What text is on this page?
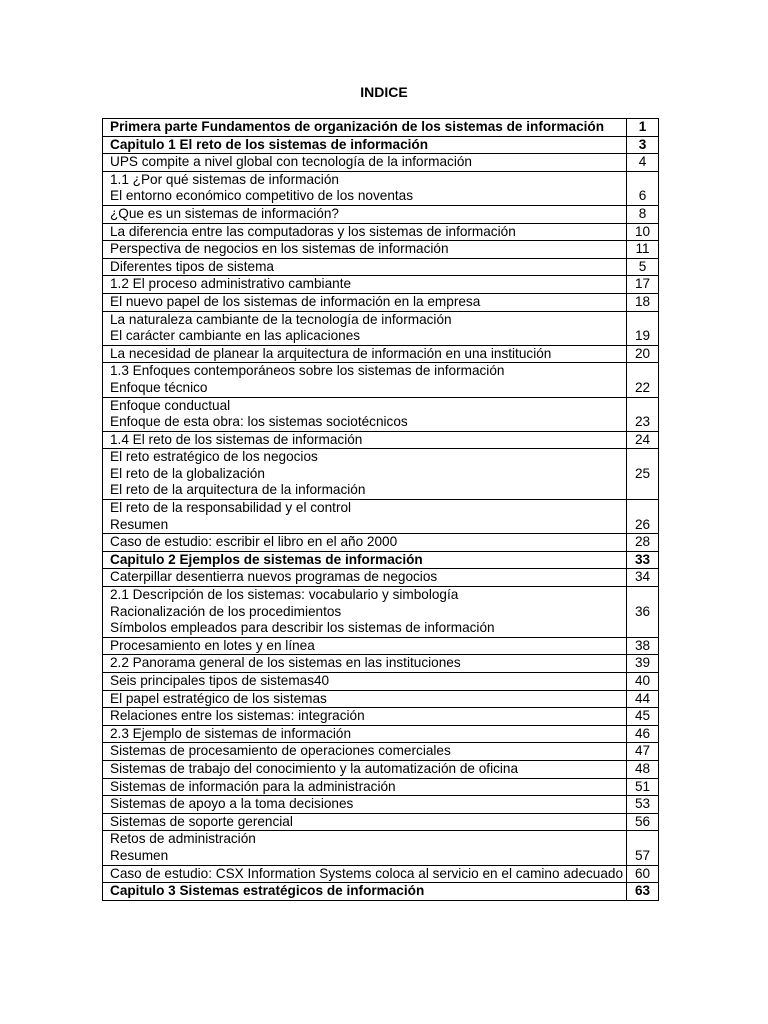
INDICE
Primera parte Fundamentos de organización de los sistemas de información	1

Capitulo 1 El reto de los sistemas de información	3

UPS compite a nivel global con tecnología de la información	4

1.1 ¿Por qué sistemas de información
El entorno económico competitivo de los noventas	6

¿Que es un sistemas de información?	8

La diferencia entre las computadoras y los sistemas de información	10

Perspectiva de negocios en los sistemas de información	11

Diferentes tipos de sistema	5

1.2 El proceso administrativo cambiante	17

El nuevo papel de los sistemas de información en la empresa	18

La naturaleza cambiante de la tecnología de información
El carácter cambiante en las aplicaciones	19

La necesidad de planear la arquitectura de información en una institución	20

1.3 Enfoques contemporáneos sobre los sistemas de información
Enfoque técnico	22

Enfoque conductual
Enfoque de esta obra: los sistemas sociotécnicos	23

1.4 El reto de los sistemas de información	24

El reto estratégico de los negocios
El reto de la globalización
El reto de la arquitectura de la información	25

El reto de la responsabilidad y el control
Resumen	26

Caso de estudio: escribir el libro en el año 2000	28

Capitulo 2 Ejemplos de sistemas de información	33

Caterpillar desentierra nuevos programas de negocios	34

2.1 Descripción de los sistemas: vocabulario y simbología
Racionalización de los procedimientos
Símbolos empleados para describir los sistemas de información	36

Procesamiento en lotes y en línea	38

2.2 Panorama general de los sistemas en las instituciones	39

Seis principales tipos de sistemas40	40

El papel estratégico de los sistemas	44

Relaciones entre los sistemas: integración	45

2.3 Ejemplo de sistemas de información	46

Sistemas de procesamiento de operaciones comerciales	47

Sistemas de trabajo del conocimiento y la automatización de oficina	48

Sistemas de información para la administración	51

Sistemas de apoyo a la toma decisiones	53

Sistemas de soporte gerencial	56

Retos de administración
Resumen	57
Caso de estudio: CSX Information Systems coloca al servicio en el camino adecuado	60

Capitulo 3 Sistemas estratégicos de información	63
